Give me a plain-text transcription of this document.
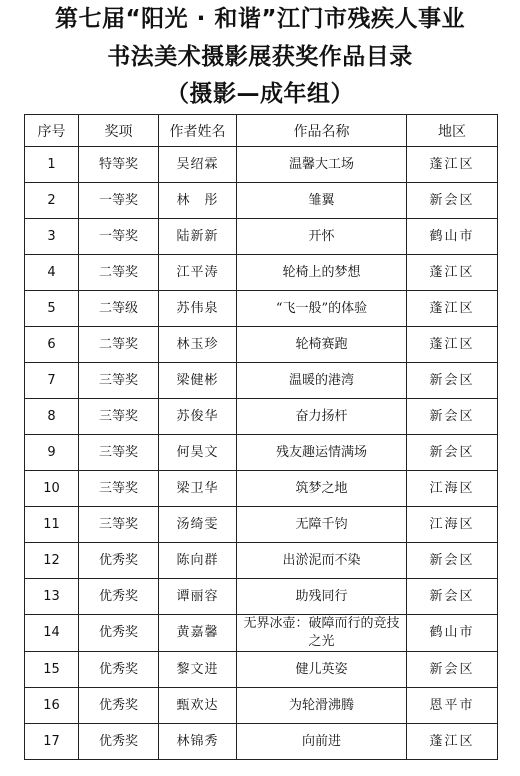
第七届“阳光 · 和谐”江门市残疾人事业
书法美术摄影展获奖作品目录
（摄影—成年组）
序号	奖项	作者姓名	作品名称	地区
1	特等奖	吴绍霖	温馨大工场	蓬江区
2	一等奖	林　彤	雏翼	新会区
3	一等奖	陆新新	开怀	鹤山市
4	二等奖	江平涛	轮椅上的梦想	蓬江区
5	二等级	苏伟泉	“飞一般”的体验	蓬江区
6	二等奖	林玉珍	轮椅赛跑	蓬江区
7	三等奖	梁健彬	温暖的港湾	新会区
8	三等奖	苏俊华	奋力扬杆	新会区
9	三等奖	何昊文	残友趣运情满场	新会区
10	三等奖	梁卫华	筑梦之地	江海区
11	三等奖	汤绮雯	无障千钧	江海区
12	优秀奖	陈向群	出淤泥而不染	新会区
13	优秀奖	谭丽容	助残同行	新会区
14	优秀奖	黄嘉馨	无界冰壶：破障而行的竞技之光	鹤山市
15	优秀奖	黎文进	健儿英姿	新会区
16	优秀奖	甄欢达	为轮滑沸腾	恩平市
17	优秀奖	林锦秀	向前进	蓬江区
